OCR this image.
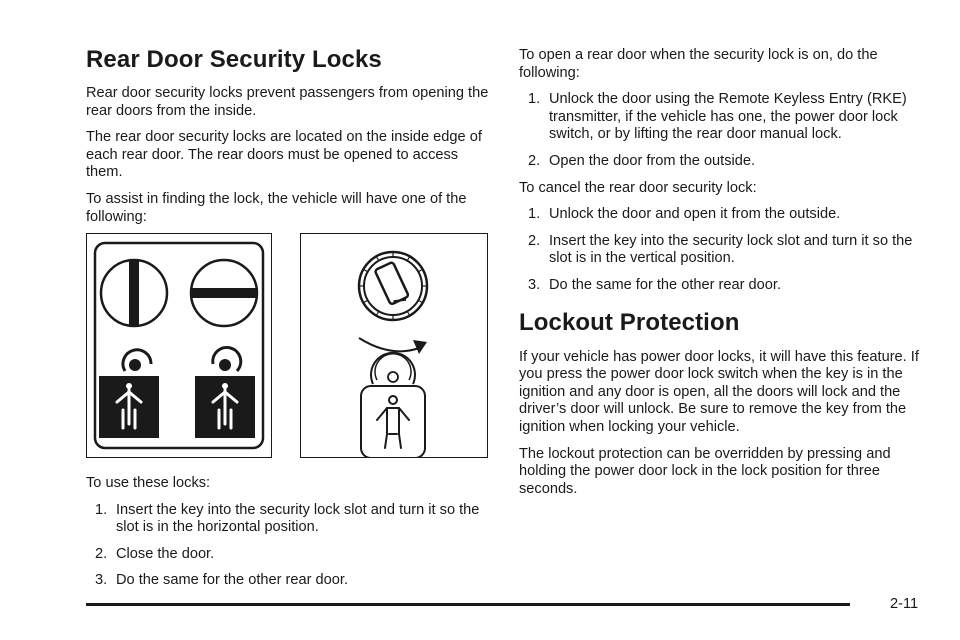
Rear Door Security Locks

Rear door security locks prevent passengers from opening the rear doors from the inside.

The rear door security locks are located on the inside edge of each rear door. The rear doors must be opened to access them.

To assist in finding the lock, the vehicle will have one of the following:

To use these locks:

1. Insert the key into the security lock slot and turn it so the slot is in the horizontal position.
2. Close the door.
3. Do the same for the other rear door.

To open a rear door when the security lock is on, do the following:

1. Unlock the door using the Remote Keyless Entry (RKE) transmitter, if the vehicle has one, the power door lock switch, or by lifting the rear door manual lock.
2. Open the door from the outside.

To cancel the rear door security lock:

1. Unlock the door and open it from the outside.
2. Insert the key into the security lock slot and turn it so the slot is in the vertical position.
3. Do the same for the other rear door.
Lockout Protection

If your vehicle has power door locks, it will have this feature. If you press the power door lock switch when the key is in the ignition and any door is open, all the doors will lock and the driver’s door will unlock. Be sure to remove the key from the ignition when locking your vehicle.

The lockout protection can be overridden by pressing and holding the power door lock in the lock position for three seconds.

2-11
